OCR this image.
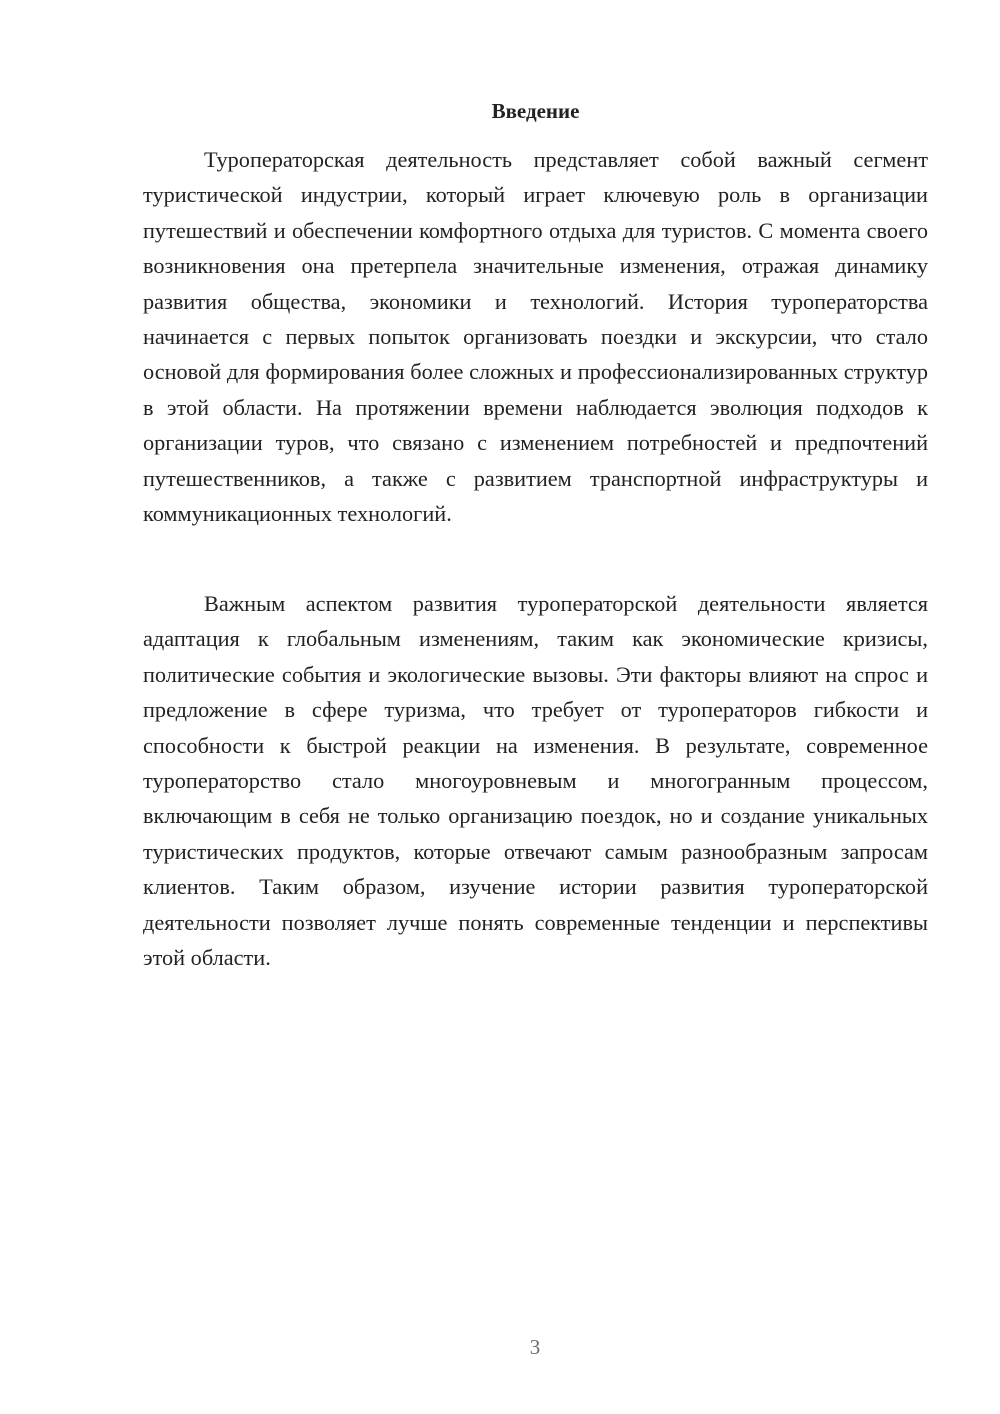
Введение

Туроператорская деятельность представляет собой важный сегмент туристической индустрии, который играет ключевую роль в организации путешествий и обеспечении комфортного отдыха для туристов. С момента своего возникновения она претерпела значительные изменения, отражая динамику развития общества, экономики и технологий. История туроператорства начинается с первых попыток организовать поездки и экскурсии, что стало основой для формирования более сложных и профессионализированных структур в этой области. На протяжении времени наблюдается эволюция подходов к организации туров, что связано с изменением потребностей и предпочтений путешественников, а также с развитием транспортной инфраструктуры и коммуникационных технологий.

Важным аспектом развития туроператорской деятельности является адаптация к глобальным изменениям, таким как экономические кризисы, политические события и экологические вызовы. Эти факторы влияют на спрос и предложение в сфере туризма, что требует от туроператоров гибкости и способности к быстрой реакции на изменения. В результате, современное туроператорство стало многоуровневым и многогранным процессом, включающим в себя не только организацию поездок, но и создание уникальных туристических продуктов, которые отвечают самым разнообразным запросам клиентов. Таким образом, изучение истории развития туроператорской деятельности позволяет лучше понять современные тенденции и перспективы этой области.

3
